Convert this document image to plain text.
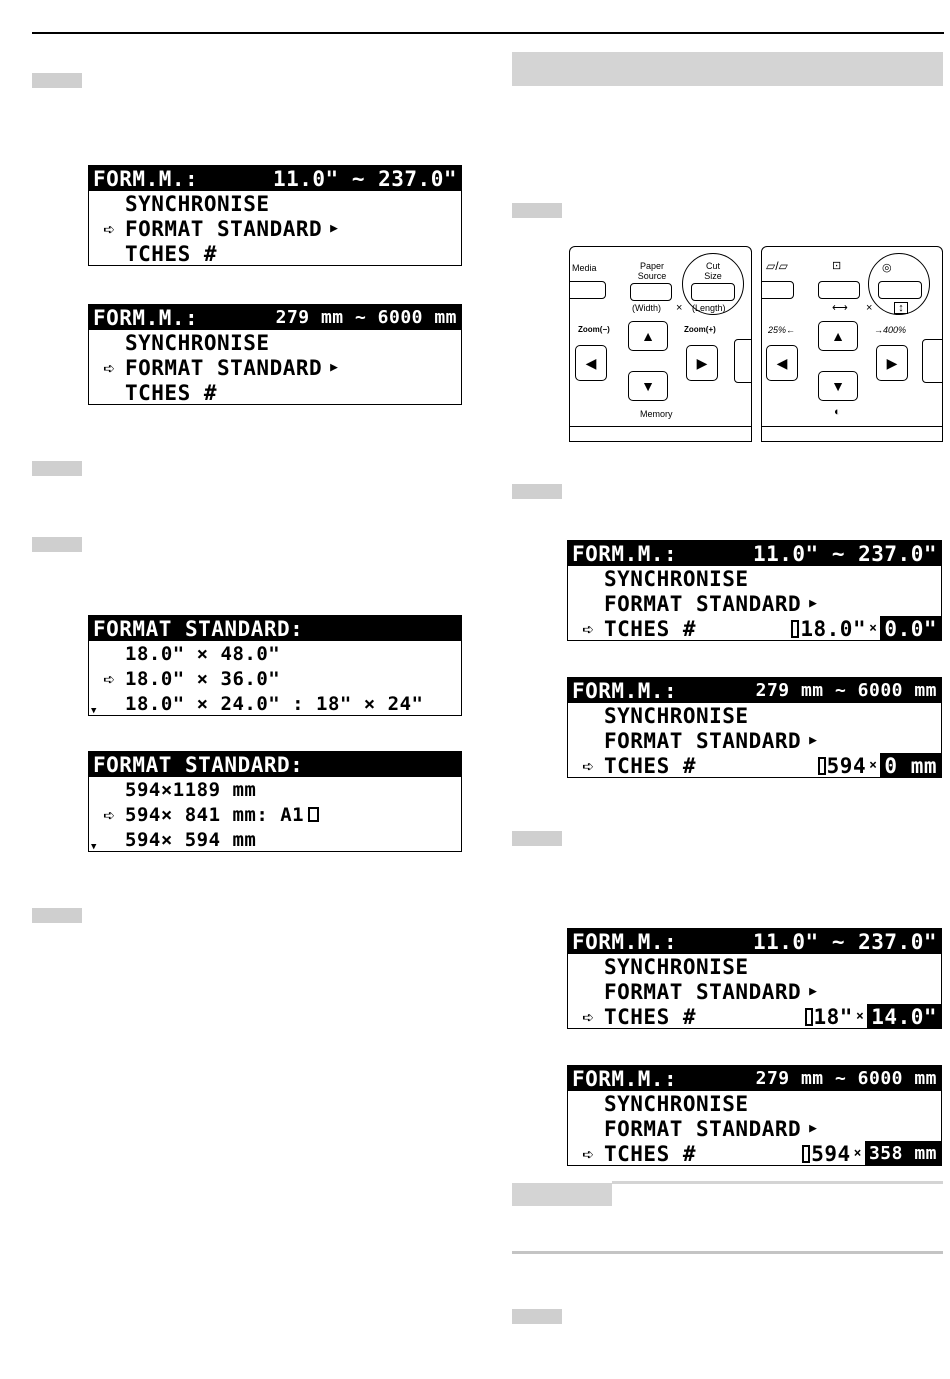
FORM.M.:	11.0" ~ 237.0"
SYNCHRONISE
➪ FORMAT STANDARD ▶
TCHES #
FORM.M.:	279 mm ~ 6000 mm
SYNCHRONISE
➪ FORMAT STANDARD ▶
TCHES #
FORMAT STANDARD:
18.0" × 48.0"
➪ 18.0" × 36.0"
▼ 18.0" × 24.0" : 18" × 24"
FORMAT STANDARD:
594×1189 mm
➪ 594× 841 mm: A1
▼ 594× 594 mm
Media	Paper
Source
Cut
Size
(Width) × (Length)
Zoom(−)	Zoom(+)
▲
◀	▶
▼
Memory
▱/▱	⊡	◎
⟷ ×	↕
25%←	→400%
▲
◀	▶
▼
◐
FORM.M.:	11.0" ~ 237.0"
SYNCHRONISE
FORMAT STANDARD ▶
➪ TCHES #	18.0" × 0.0"
FORM.M.:	279 mm ~ 6000 mm
SYNCHRONISE
FORMAT STANDARD ▶
➪ TCHES #	594 × 0 mm
FORM.M.:	11.0" ~ 237.0"
SYNCHRONISE
FORMAT STANDARD ▶
➪ TCHES #	18" × 14.0"
FORM.M.:	279 mm ~ 6000 mm
SYNCHRONISE
FORMAT STANDARD ▶
➪ TCHES #	594 × 358 mm
